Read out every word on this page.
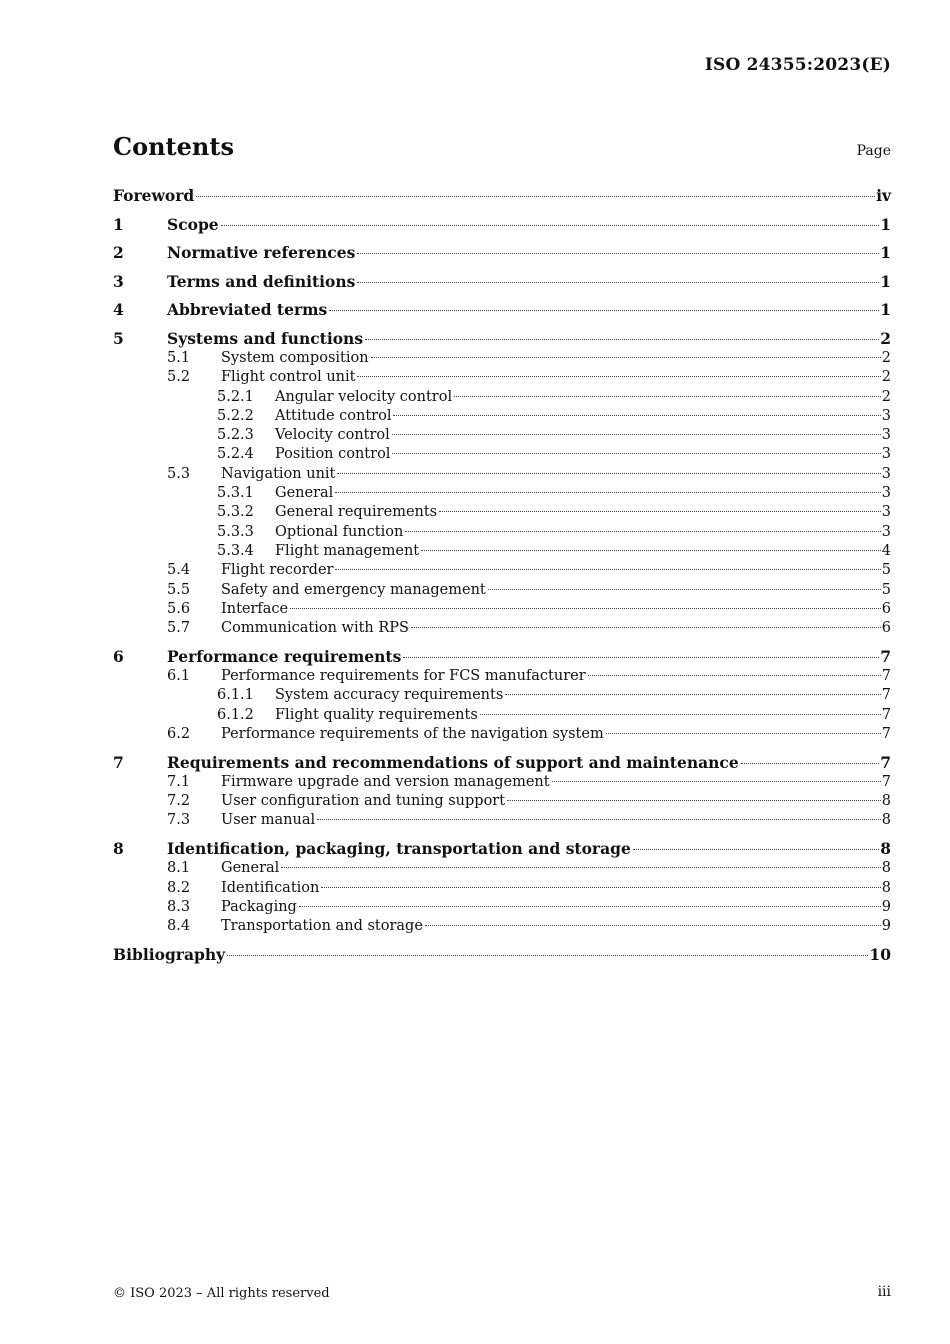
ISO 24355:2023(E)
Contents	Page
Foreword	iv
1	Scope	1
2	Normative references	1
3	Terms and definitions	1
4	Abbreviated terms	1
5	Systems and functions	2
5.1	System composition	2
5.2	Flight control unit	2
5.2.1	Angular velocity control	2
5.2.2	Attitude control	3
5.2.3	Velocity control	3
5.2.4	Position control	3
5.3	Navigation unit	3
5.3.1	General	3
5.3.2	General requirements	3
5.3.3	Optional function	3
5.3.4	Flight management	4
5.4	Flight recorder	5
5.5	Safety and emergency management	5
5.6	Interface	6
5.7	Communication with RPS	6
6	Performance requirements	7
6.1	Performance requirements for FCS manufacturer	7
6.1.1	System accuracy requirements	7
6.1.2	Flight quality requirements	7
6.2	Performance requirements of the navigation system	7
7	Requirements and recommendations of support and maintenance	7
7.1	Firmware upgrade and version management	7
7.2	User configuration and tuning support	8
7.3	User manual	8
8	Identification, packaging, transportation and storage	8
8.1	General	8
8.2	Identification	8
8.3	Packaging	9
8.4	Transportation and storage	9
Bibliography	10
© ISO 2023 – All rights reserved	iii
